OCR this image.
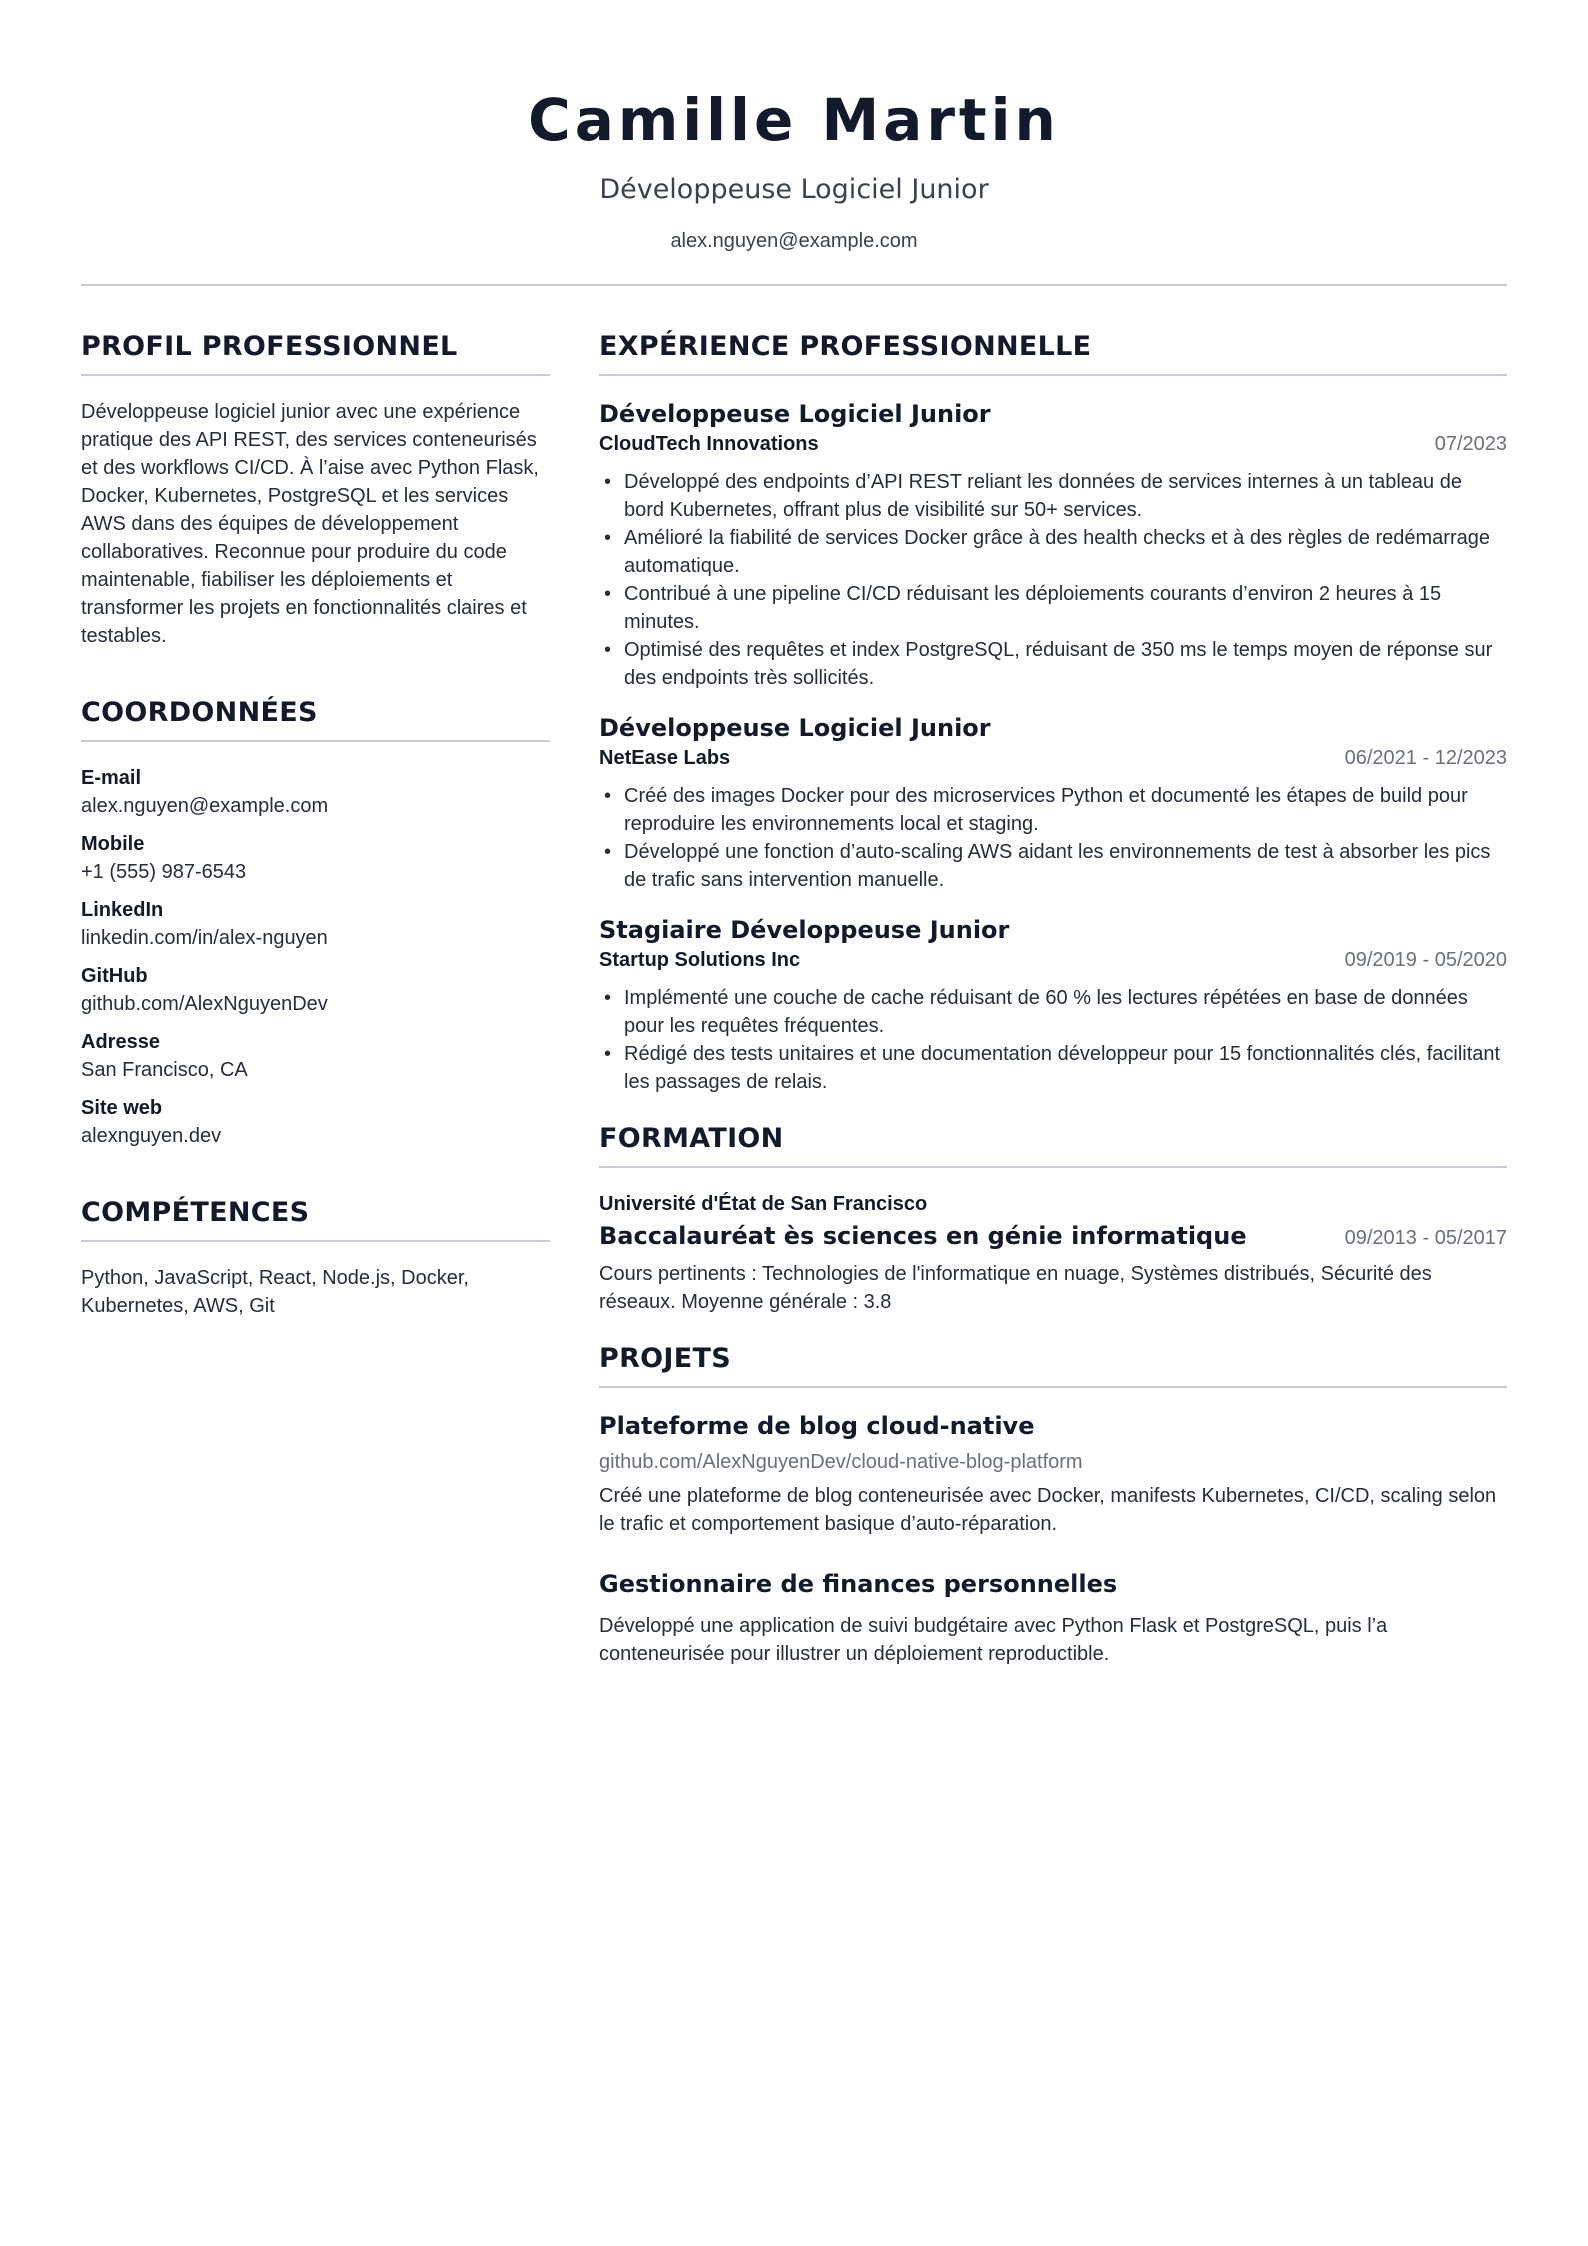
Camille Martin
Développeuse Logiciel Junior
alex.nguyen@example.com
PROFIL PROFESSIONNEL
Développeuse logiciel junior avec une expérience pratique des API REST, des services conteneurisés et des workflows CI/CD. À l’aise avec Python Flask, Docker, Kubernetes, PostgreSQL et les services AWS dans des équipes de développement collaboratives. Reconnue pour produire du code maintenable, fiabiliser les déploiements et transformer les projets en fonctionnalités claires et testables.
COORDONNÉES
E-mail
alex.nguyen@example.com
Mobile
+1 (555) 987-6543
LinkedIn
linkedin.com/in/alex-nguyen
GitHub
github.com/AlexNguyenDev
Adresse
San Francisco, CA
Site web
alexnguyen.dev
COMPÉTENCES
Python, JavaScript, React, Node.js, Docker, Kubernetes, AWS, Git
EXPÉRIENCE PROFESSIONNELLE
Développeuse Logiciel Junior
CloudTech Innovations	07/2023
• Développé des endpoints d’API REST reliant les données de services internes à un tableau de bord Kubernetes, offrant plus de visibilité sur 50+ services.
• Amélioré la fiabilité de services Docker grâce à des health checks et à des règles de redémarrage automatique.
• Contribué à une pipeline CI/CD réduisant les déploiements courants d’environ 2 heures à 15 minutes.
• Optimisé des requêtes et index PostgreSQL, réduisant de 350 ms le temps moyen de réponse sur des endpoints très sollicités.
Développeuse Logiciel Junior
NetEase Labs	06/2021 - 12/2023
• Créé des images Docker pour des microservices Python et documenté les étapes de build pour reproduire les environnements local et staging.
• Développé une fonction d’auto-scaling AWS aidant les environnements de test à absorber les pics de trafic sans intervention manuelle.
Stagiaire Développeuse Junior
Startup Solutions Inc	09/2019 - 05/2020
• Implémenté une couche de cache réduisant de 60 % les lectures répétées en base de données pour les requêtes fréquentes.
• Rédigé des tests unitaires et une documentation développeur pour 15 fonctionnalités clés, facilitant les passages de relais.
FORMATION
Université d'État de San Francisco
Baccalauréat ès sciences en génie informatique	09/2013 - 05/2017
Cours pertinents : Technologies de l'informatique en nuage, Systèmes distribués, Sécurité des réseaux. Moyenne générale : 3.8
PROJETS
Plateforme de blog cloud-native
github.com/AlexNguyenDev/cloud-native-blog-platform
Créé une plateforme de blog conteneurisée avec Docker, manifests Kubernetes, CI/CD, scaling selon le trafic et comportement basique d’auto-réparation.
Gestionnaire de finances personnelles
Développé une application de suivi budgétaire avec Python Flask et PostgreSQL, puis l’a conteneurisée pour illustrer un déploiement reproductible.
